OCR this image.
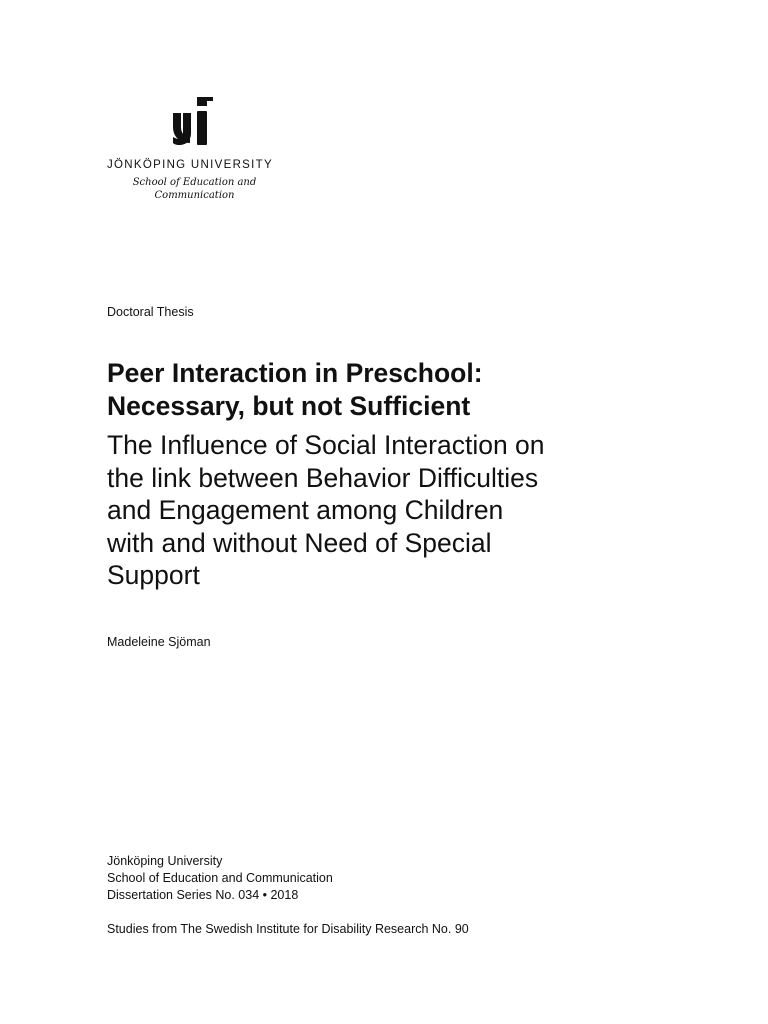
JÖNKÖPING UNIVERSITY
School of Education and
Communication
Doctoral Thesis
Peer Interaction in Preschool:
Necessary, but not Sufficient
The Influence of Social Interaction on
the link between Behavior Difficulties
and Engagement among Children
with and without Need of Special
Support
Madeleine Sjöman
Jönköping University
School of Education and Communication
Dissertation Series No. 034 • 2018
Studies from The Swedish Institute for Disability Research No. 90
